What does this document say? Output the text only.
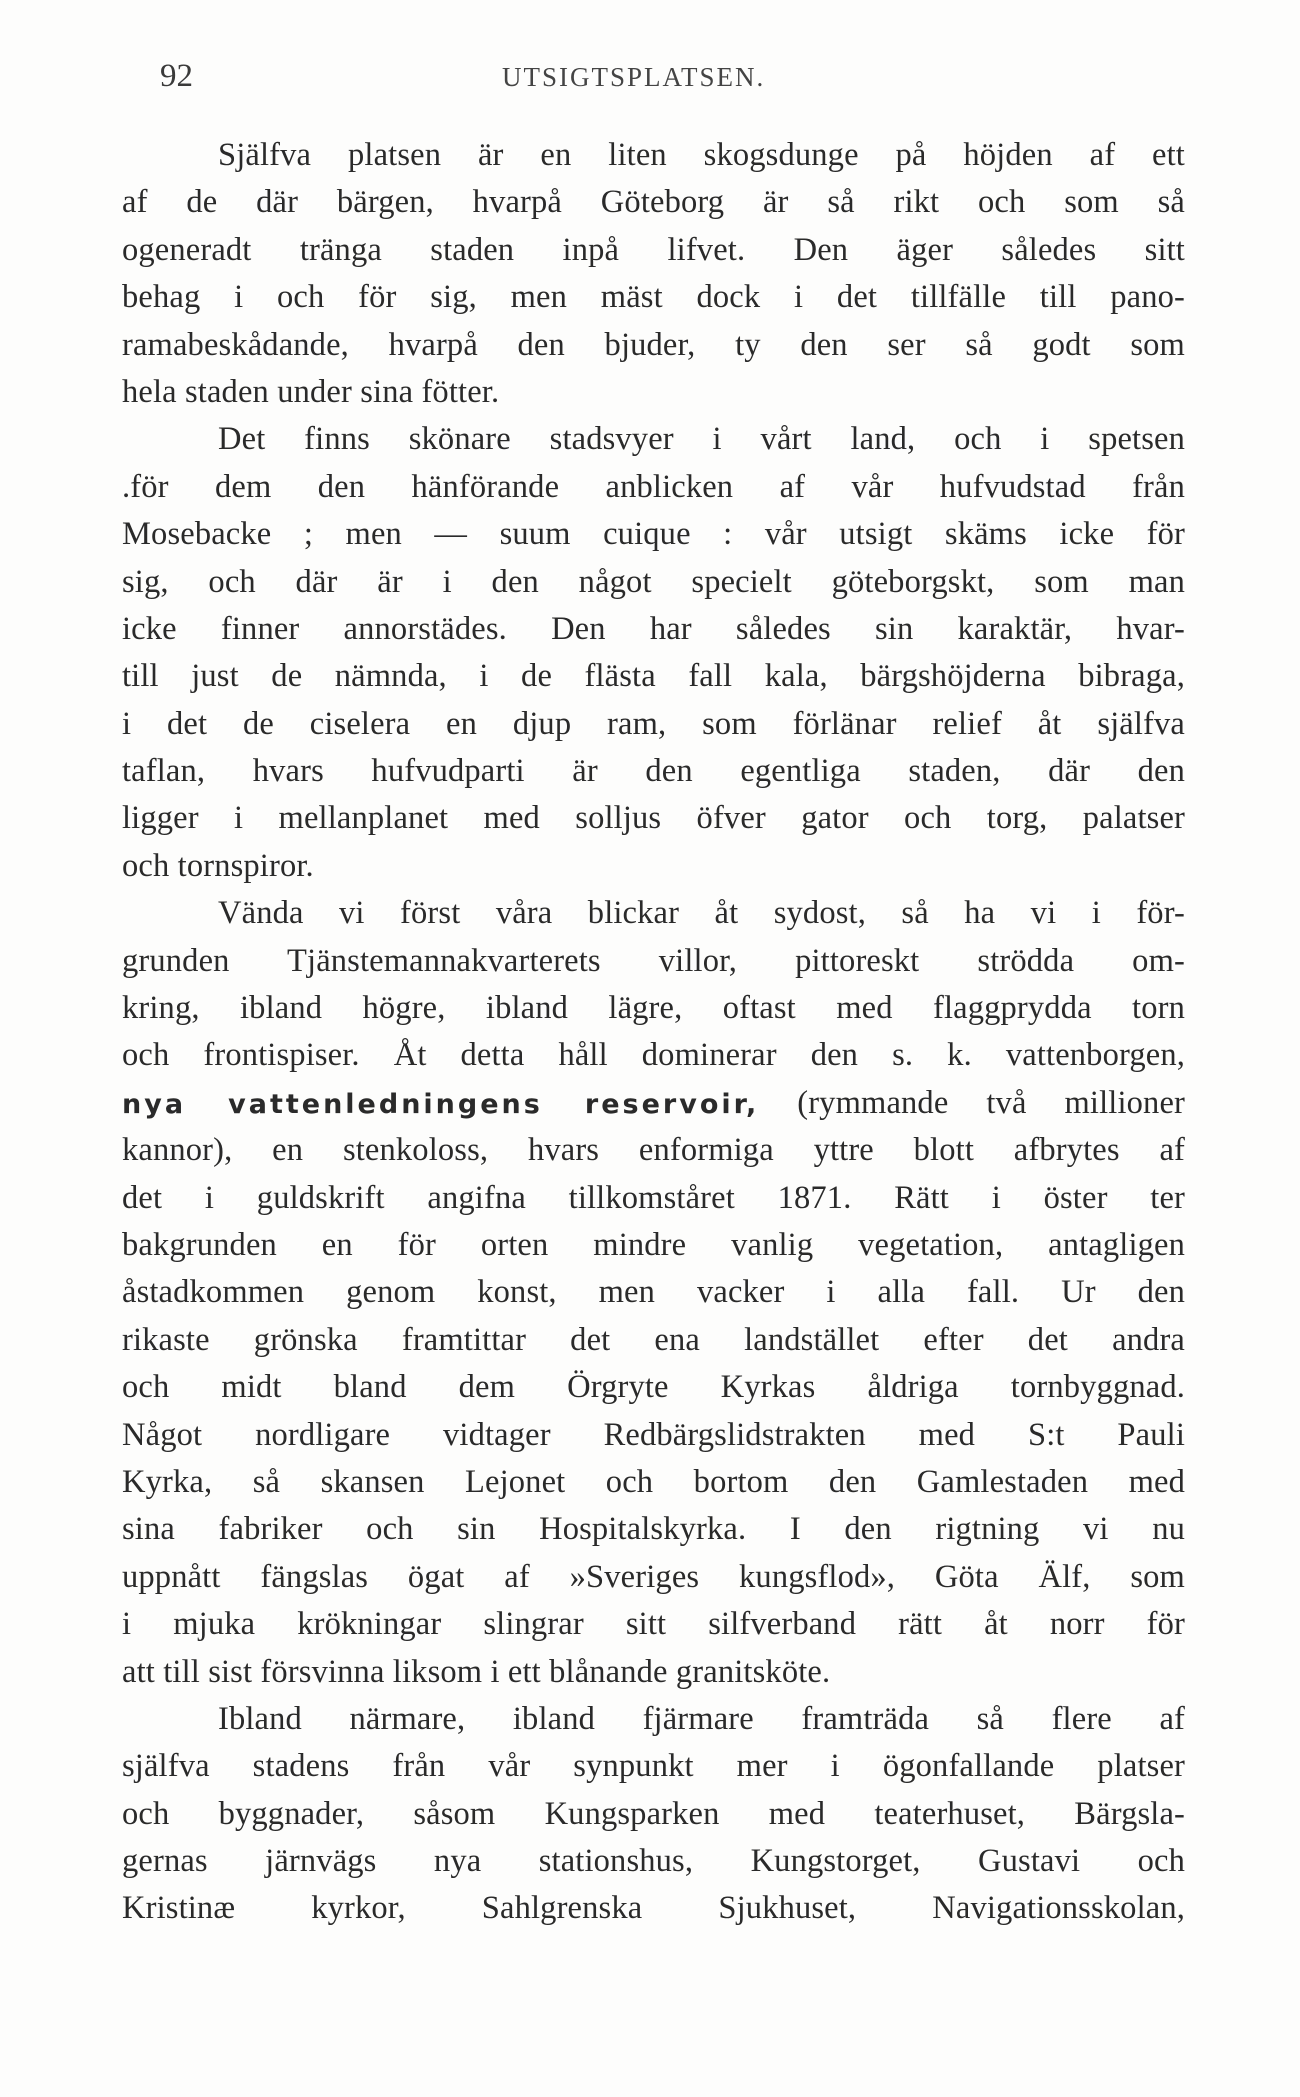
92	UTSIGTSPLATSEN.
Själfva platsen är en liten skogsdunge på höjden af ett
af de där bärgen, hvarpå Göteborg är så rikt och som så
ogeneradt tränga staden inpå lifvet. Den äger således sitt
behag i och för sig, men mäst dock i det tillfälle till pano-
ramabeskådande, hvarpå den bjuder, ty den ser så godt som
hela staden under sina fötter.
Det finns skönare stadsvyer i vårt land, och i spetsen
.för dem den hänförande anblicken af vår hufvudstad från
Mosebacke ; men — suum cuique : vår utsigt skäms icke för
sig, och där är i den något specielt göteborgskt, som man
icke finner annorstädes. Den har således sin karaktär, hvar-
till just de nämnda, i de flästa fall kala, bärgshöjderna bibraga,
i det de ciselera en djup ram, som förlänar relief åt själfva
taflan, hvars hufvudparti är den egentliga staden, där den
ligger i mellanplanet med solljus öfver gator och torg, palatser
och tornspiror.
Vända vi först våra blickar åt sydost, så ha vi i för-
grunden Tjänstemannakvarterets villor, pittoreskt strödda om-
kring, ibland högre, ibland lägre, oftast med flaggprydda torn
och frontispiser. Åt detta håll dominerar den s. k. vattenborgen,
nya vattenledningens reservoir, (rymmande två millioner
kannor), en stenkoloss, hvars enformiga yttre blott afbrytes af
det i guldskrift angifna tillkomståret 1871. Rätt i öster ter
bakgrunden en för orten mindre vanlig vegetation, antagligen
åstadkommen genom konst, men vacker i alla fall. Ur den
rikaste grönska framtittar det ena landstället efter det andra
och midt bland dem Örgryte Kyrkas åldriga tornbyggnad.
Något nordligare vidtager Redbärgslidstrakten med S:t Pauli
Kyrka, så skansen Lejonet och bortom den Gamlestaden med
sina fabriker och sin Hospitalskyrka. I den rigtning vi nu
uppnått fängslas ögat af »Sveriges kungsflod», Göta Älf, som
i mjuka krökningar slingrar sitt silfverband rätt åt norr för
att till sist försvinna liksom i ett blånande granitsköte.
Ibland närmare, ibland fjärmare framträda så flere af
själfva stadens från vår synpunkt mer i ögonfallande platser
och byggnader, såsom Kungsparken med teaterhuset, Bärgsla-
gernas järnvägs nya stationshus, Kungstorget, Gustavi och
Kristinæ kyrkor, Sahlgrenska Sjukhuset, Navigationsskolan,
